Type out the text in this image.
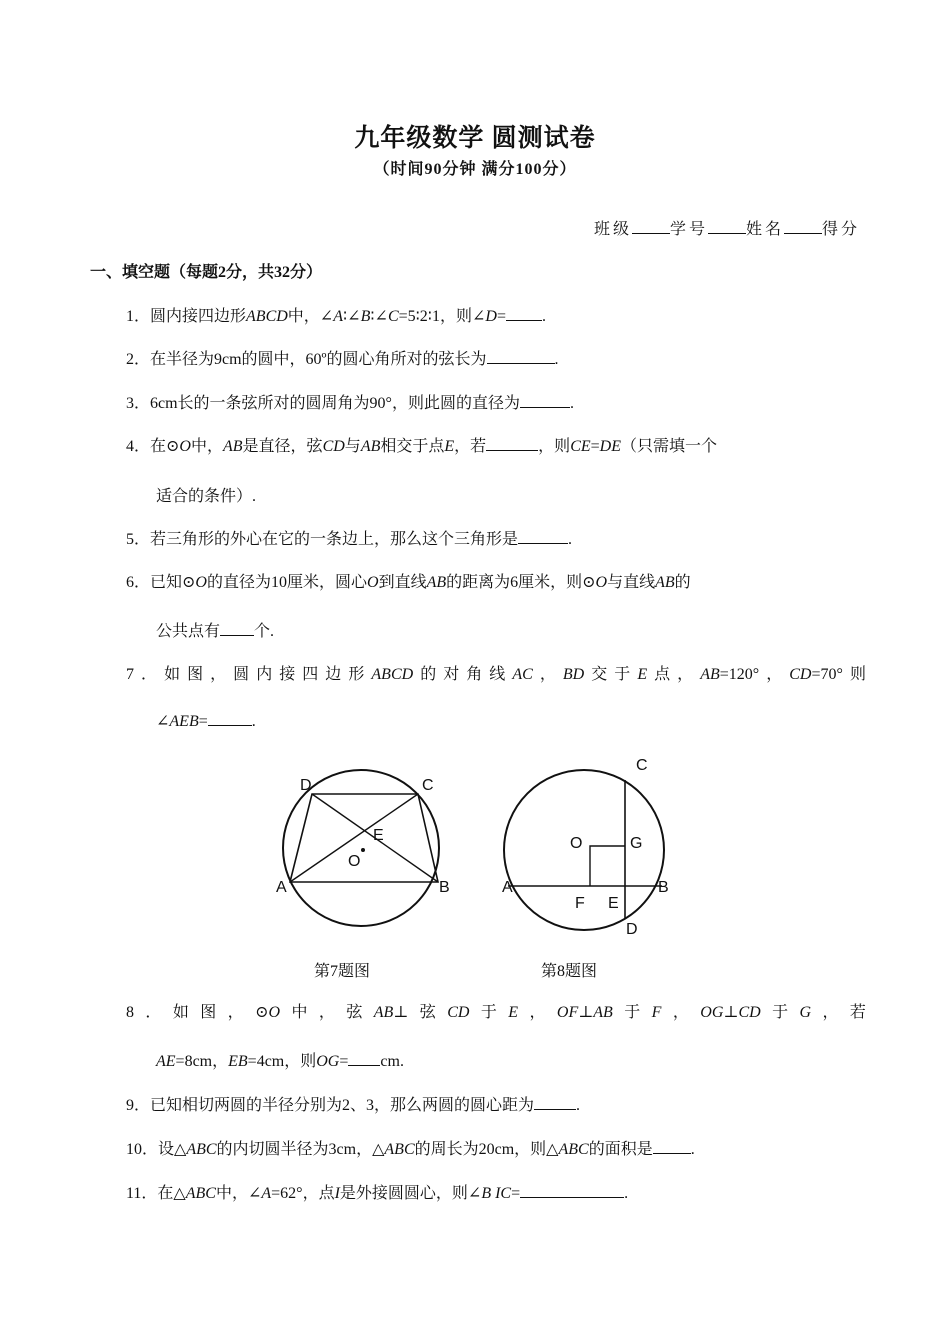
九年级数学 圆测试卷
（时间90分钟 满分100分）
班级 学号 姓名 得分
一、填空题（每题2分，共32分）
1．圆内接四边形ABCD中，∠A∶∠B∶∠C=5∶2∶1，则∠D= .
2．在半径为9cm的圆中，60º的圆心角所对的弦长为	.
3．6cm长的一条弦所对的圆周角为90°，则此圆的直径为	.
4．在⊙O中，AB是直径，弦CD与AB相交于点E，若	，则CE=DE（只需填一个
适合的条件）.
5．若三角形的外心在它的一条边上，那么这个三角形是	.
6．已知⊙O的直径为10厘米，圆心O到直线AB的距离为6厘米，则⊙O与直线AB的
公共点有 个.
7．如图，圆内接四边形ABCD的对角线AC，BD交于E点，AB=120°，CD=70°则
∠AEB=	.
D	C
A	B
E
O
C
O	G
A	B
F E
D
第7题图	第8题图
8．如图，⊙O中，弦AB⊥弦CD于E，OF⊥AB于F，OG⊥CD于G，若
AE=8cm，EB=4cm，则OG= cm.
9．已知相切两圆的半径分别为2、3，那么两圆的圆心距为	.
10．设△ABC的内切圆半径为3cm，△ABC的周长为20cm，则△ABC的面积是 .
11．在△ABC中，∠A=62°，点I是外接圆圆心，则∠B IC=	.
